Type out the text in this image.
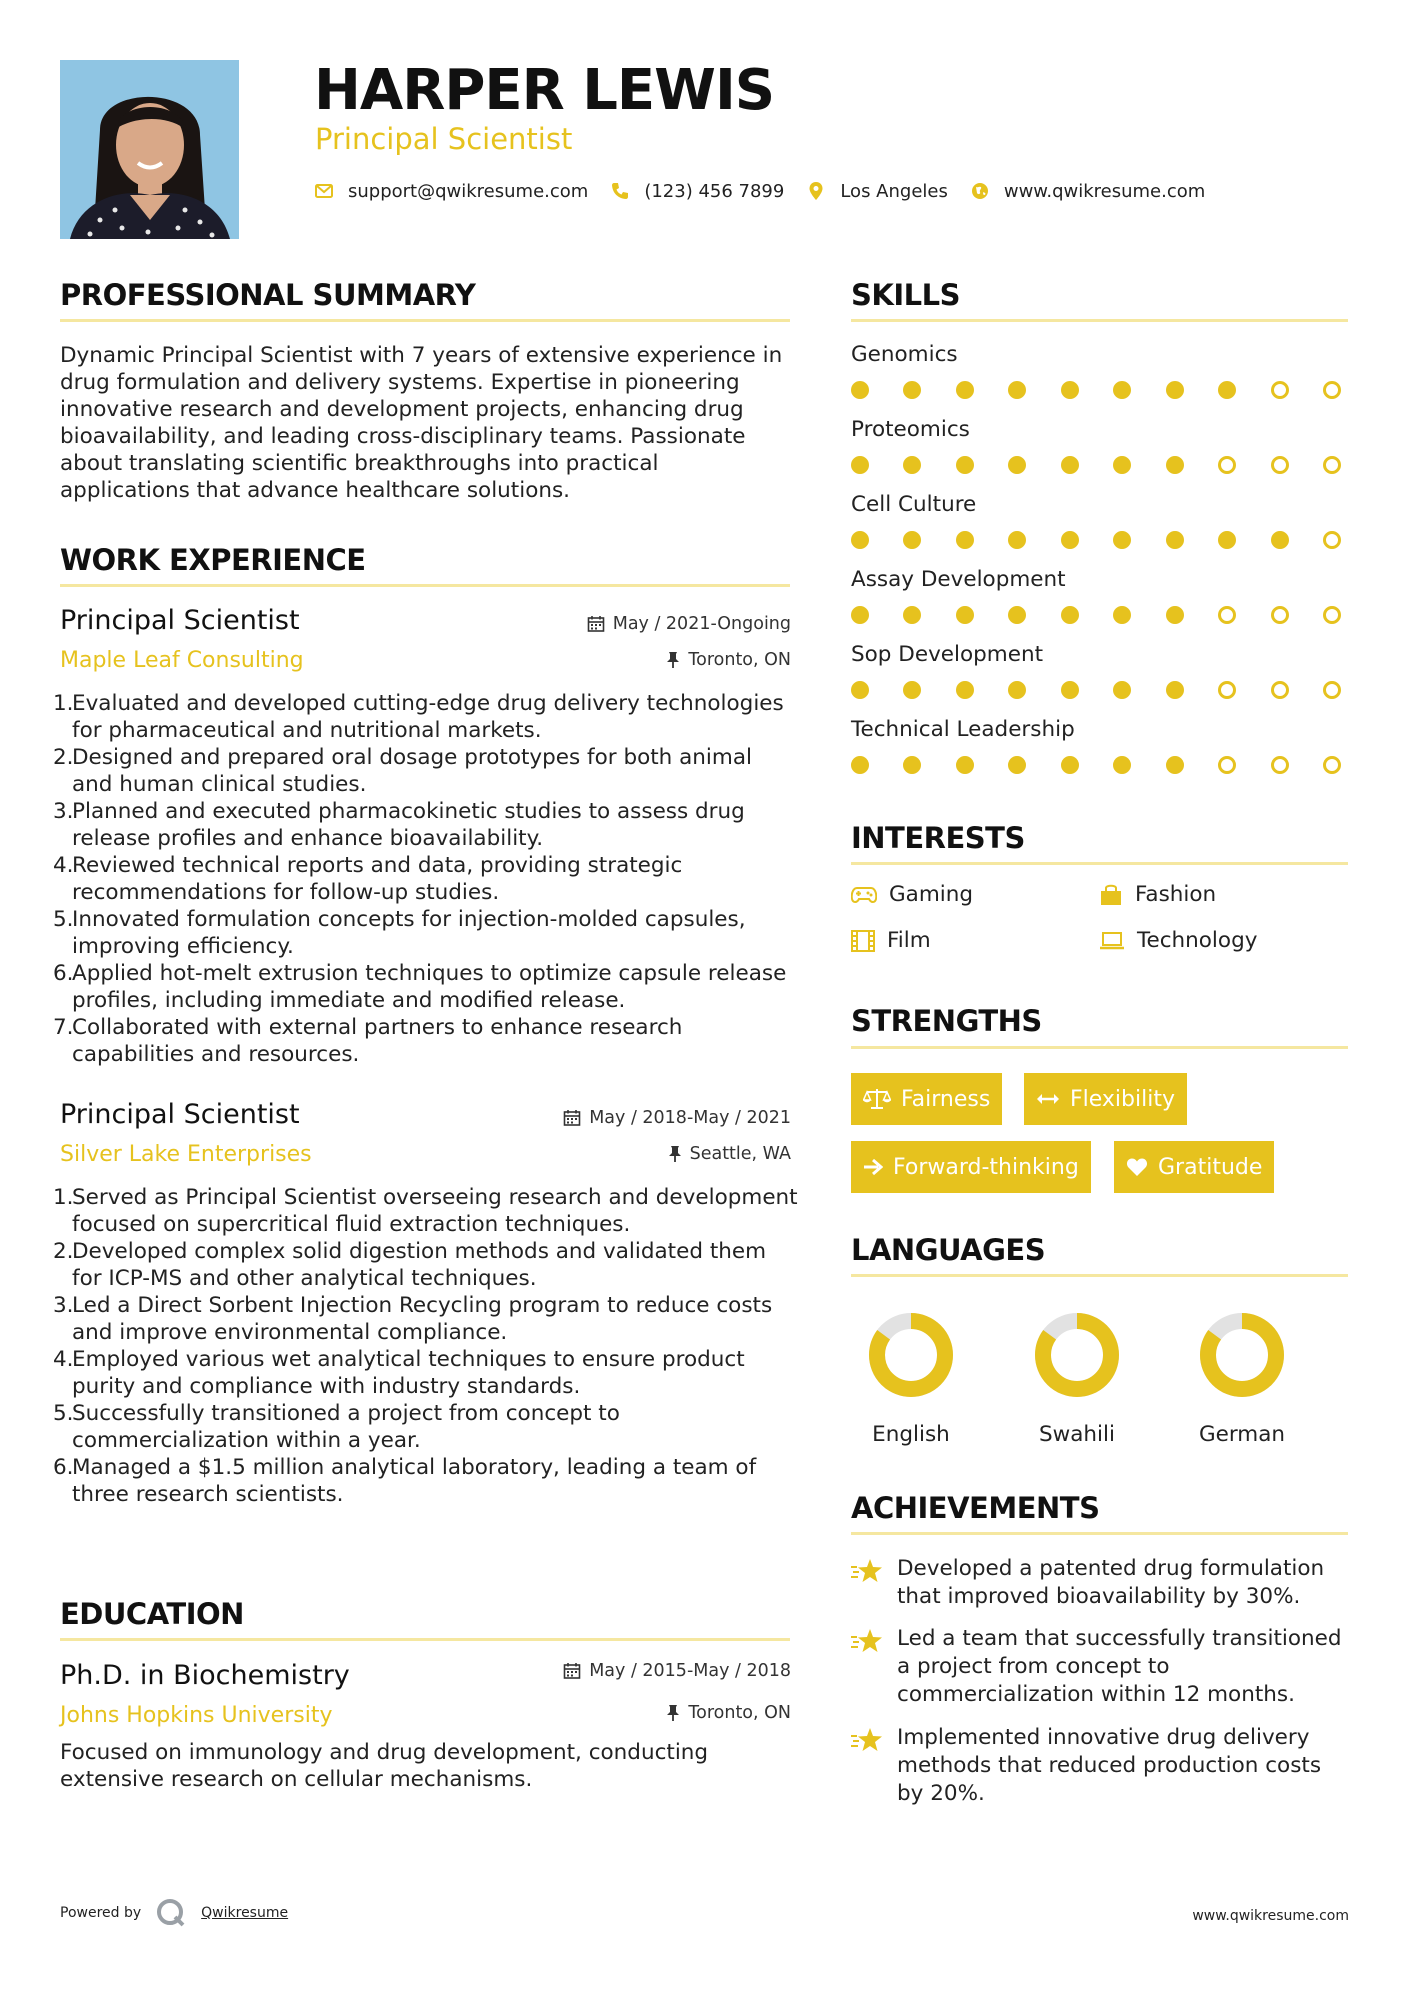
HARPER LEWIS
Principal Scientist
support@qwikresume.com	(123) 456 7899	Los Angeles	www.qwikresume.com
PROFESSIONAL SUMMARY
Dynamic Principal Scientist with 7 years of extensive experience in drug formulation and delivery systems. Expertise in pioneering innovative research and development projects, enhancing drug bioavailability, and leading cross-disciplinary teams. Passionate about translating scientific breakthroughs into practical applications that advance healthcare solutions.
WORK EXPERIENCE
Principal Scientist
Maple Leaf Consulting
May / 2021-Ongoing
Toronto, ON
1.
Evaluated and developed cutting-edge drug delivery technologies for pharmaceutical and nutritional markets.
2.
Designed and prepared oral dosage prototypes for both animal and human clinical studies.
3.
Planned and executed pharmacokinetic studies to assess drug release profiles and enhance bioavailability.
4.
Reviewed technical reports and data, providing strategic recommendations for follow-up studies.
5.
Innovated formulation concepts for injection-molded capsules, improving efficiency.
6.
Applied hot-melt extrusion techniques to optimize capsule release profiles, including immediate and modified release.
7.
Collaborated with external partners to enhance research capabilities and resources.
Principal Scientist
Silver Lake Enterprises
May / 2018-May / 2021
Seattle, WA
1.
Served as Principal Scientist overseeing research and development focused on supercritical fluid extraction techniques.
2.
Developed complex solid digestion methods and validated them for ICP-MS and other analytical techniques.
3.
Led a Direct Sorbent Injection Recycling program to reduce costs and improve environmental compliance.
4.
Employed various wet analytical techniques to ensure product purity and compliance with industry standards.
5.
Successfully transitioned a project from concept to commercialization within a year.
6.
Managed a $1.5 million analytical laboratory, leading a team of three research scientists.
EDUCATION
Ph.D. in Biochemistry
Johns Hopkins University
May / 2015-May / 2018
Toronto, ON
Focused on immunology and drug development, conducting extensive research on cellular mechanisms.
SKILLS
Genomics
Proteomics
Cell Culture
Assay Development
Sop Development
Technical Leadership
INTERESTS
Gaming	Fashion
Film	Technology
STRENGTHS
Fairness	Flexibility
Forward-thinking	Gratitude
LANGUAGES
English	Swahili	German
ACHIEVEMENTS
Developed a patented drug formulation that improved bioavailability by 30%.
Led a team that successfully transitioned a project from concept to commercialization within 12 months.
Implemented innovative drug delivery methods that reduced production costs by 20%.
Powered by	Qwikresume	www.qwikresume.com
